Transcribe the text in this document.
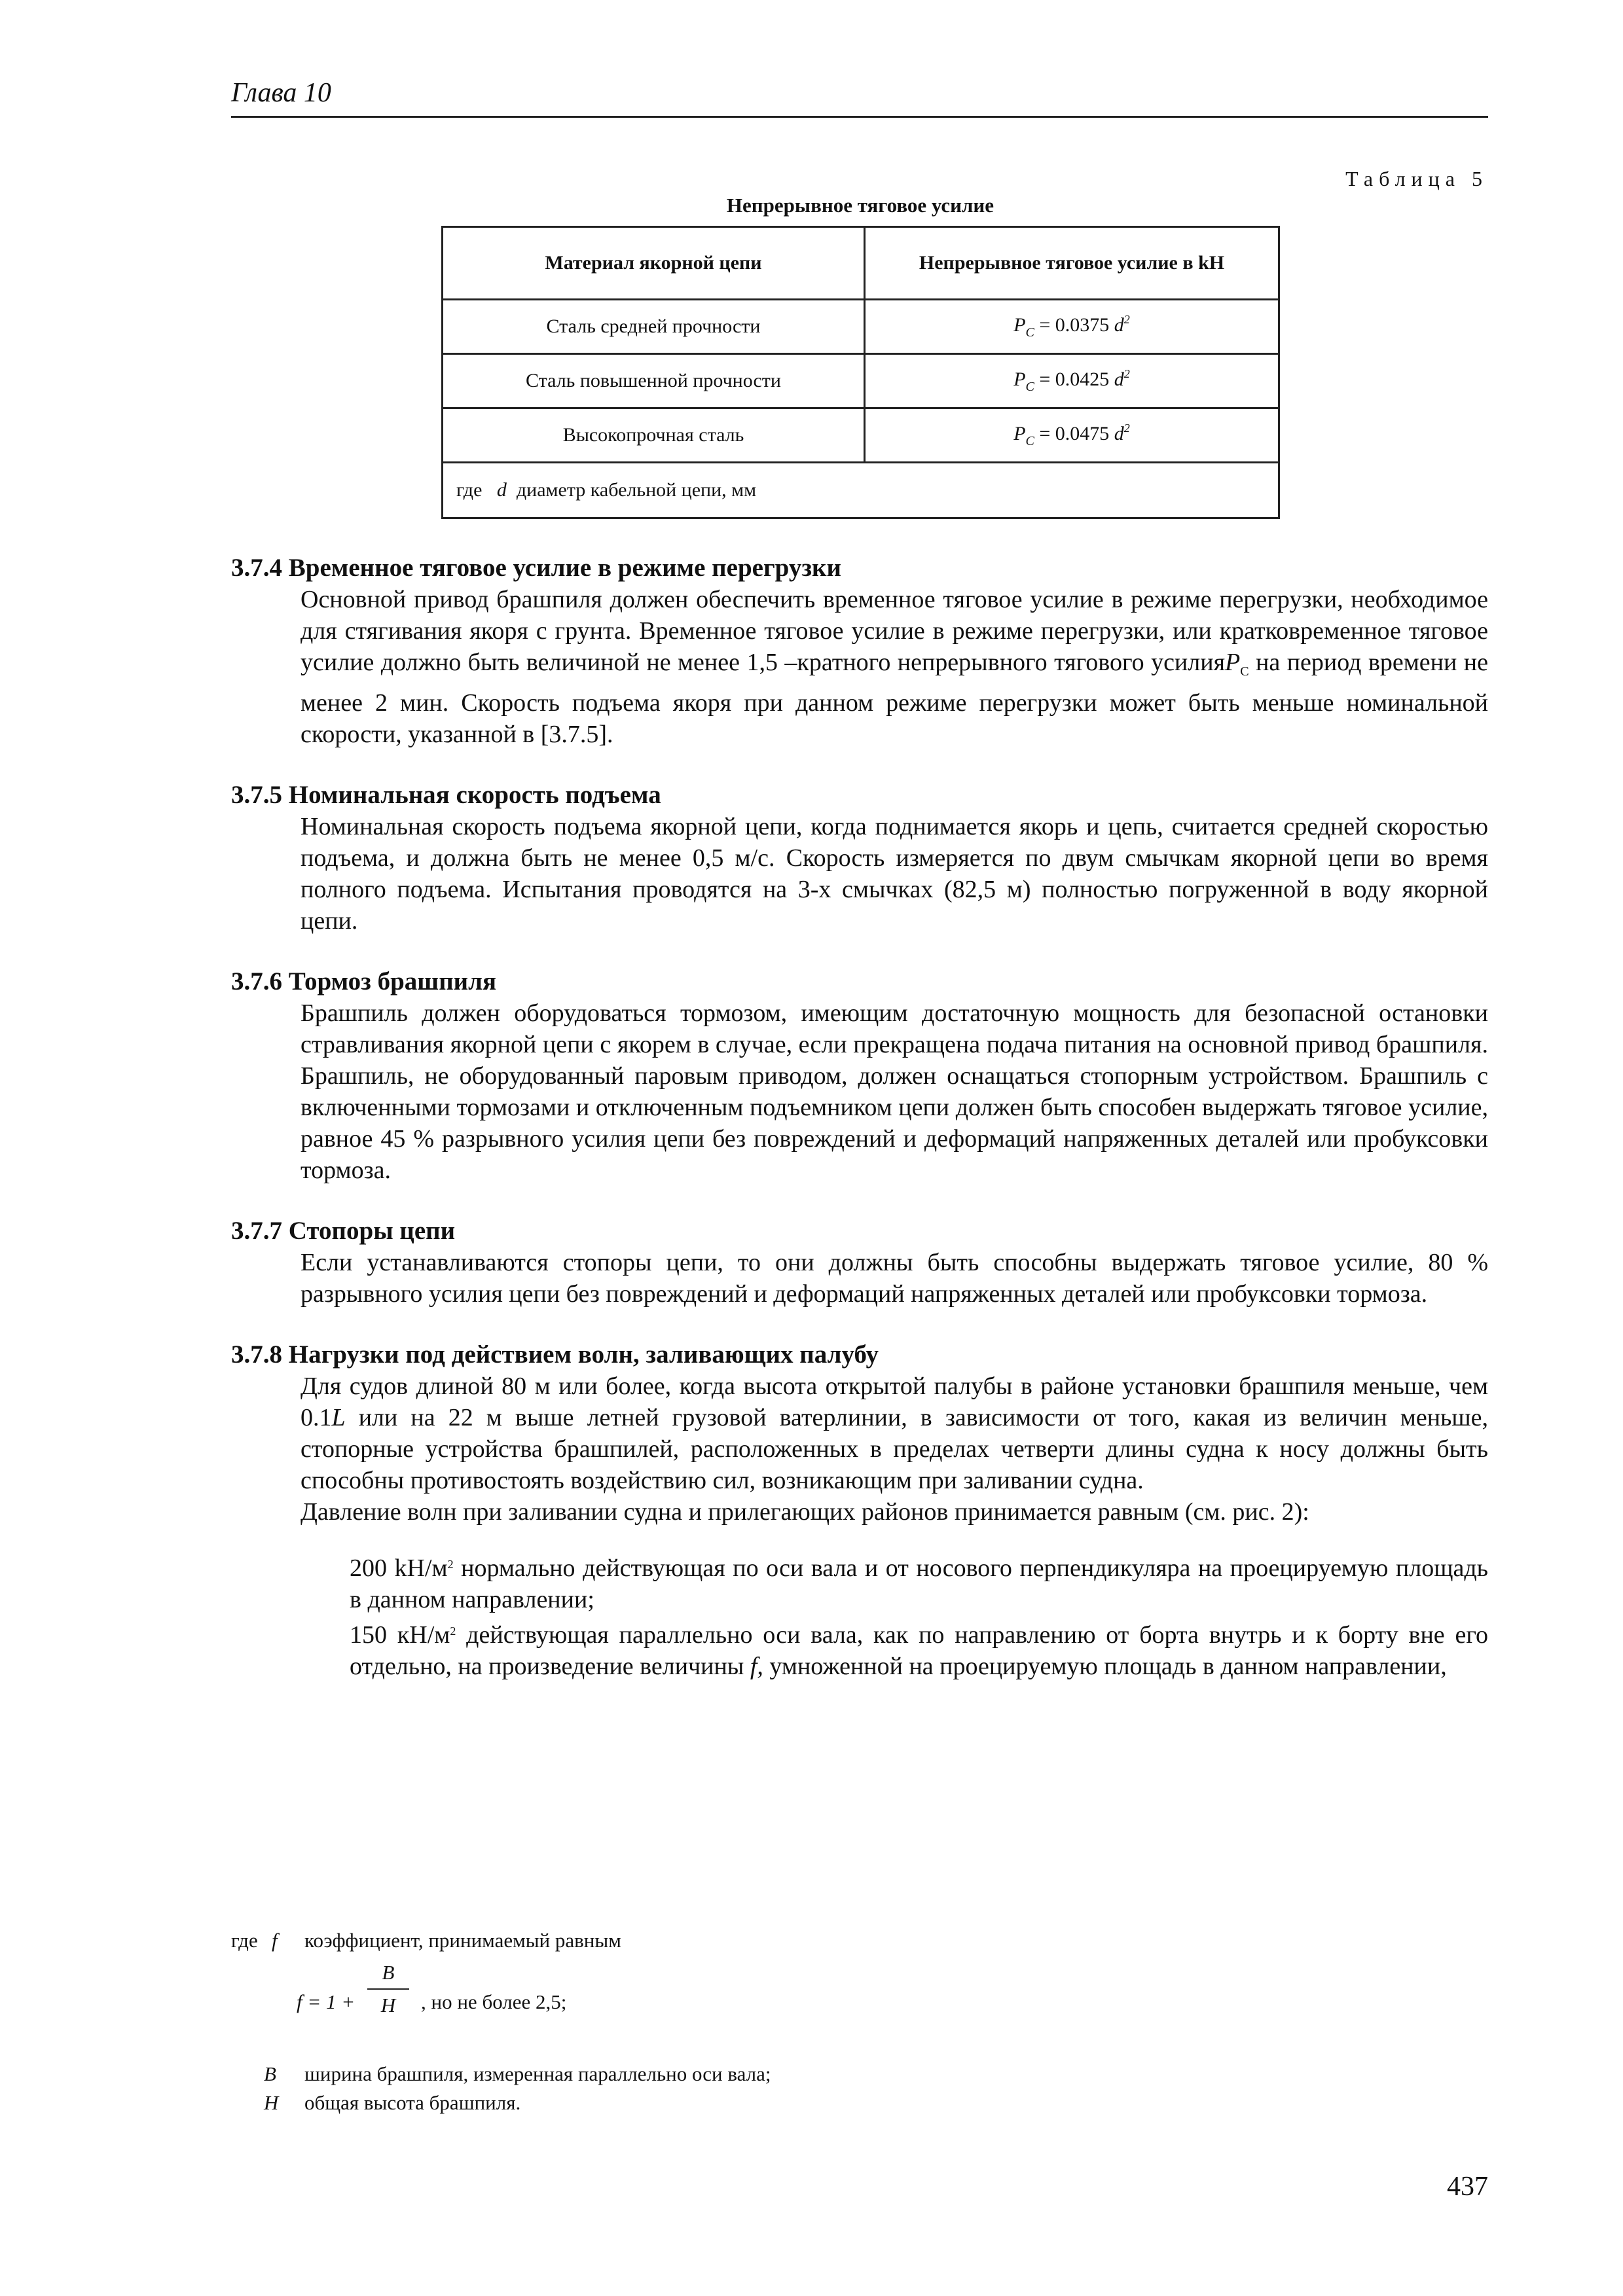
Глава 10
Таблица 5
Непрерывное тяговое усилие
Материал якорной цепи	Непрерывное тяговое усилие в kH
Сталь средней прочности	$P_C = 0.0375$ $d^2$
Сталь повышенной прочности	$P_C = 0.0425$ $d^2$
Высокопрочная сталь	$P_C = 0.0475$ $d^2$
где d диаметр кабельной цепи, мм	
3.7.4 Временное тяговое усилие в режиме перегрузки

Основной привод брашпиля должен обеспечить временное тяговое усилие в режиме перегрузки, необходимое для стягивания якоря с грунта. Временное тяговое усилие в режиме перегрузки, или кратковременное тяговое усилие должно быть величиной не менее 1,5 –кратного непрерывного тягового усилияP$_C$ на период времени не менее 2 мин. Скорость подъема якоря при данном режиме перегрузки может быть меньше номинальной скорости, указанной в [3.7.5].

3.7.5 Номинальная скорость подъема

Номинальная скорость подъема якорной цепи, когда поднимается якорь и цепь, считается средней скоростью подъема, и должна быть не менее 0,5 м/с. Скорость измеряется по двум смычкам якорной цепи во время полного подъема. Испытания проводятся на 3-х смычках (82,5 м) полностью погруженной в воду якорной цепи.

3.7.6 Тормоз брашпиля

Брашпиль должен оборудоваться тормозом, имеющим достаточную мощность для безопасной остановки стравливания якорной цепи с якорем в случае, если прекращена подача питания на основной привод брашпиля. Брашпиль, не оборудованный паровым приводом, должен оснащаться стопорным устройством. Брашпиль с включенными тормозами и отключенным подъемником цепи должен быть способен выдержать тяговое усилие, равное 45 % разрывного усилия цепи без повреждений и деформаций напряженных деталей или пробуксовки тормоза.

3.7.7 Стопоры цепи

Если устанавливаются стопоры цепи, то они должны быть способны выдержать тяговое усилие, 80 % разрывного усилия цепи без повреждений и деформаций напряженных деталей или пробуксовки тормоза.

3.7.8 Нагрузки под действием волн, заливающих палубу

Для судов длиной 80 м или более, когда высота открытой палубы в районе установки брашпиля меньше, чем 0.1L или на 22 м выше летней грузовой ватерлинии, в зависимости от того, какая из величин меньше, стопорные устройства брашпилей, расположенных в пределах четверти длины судна к носу должны быть способны противостоять воздействию сил, возникающим при заливании судна.

Давление волн при заливании судна и прилегающих районов принимается равным (см. рис. 2):

200 $kH/м^2$ нормально действующая по оси вала и от носового перпендикуляра на проецируемую площадь в данном направлении;

150 $кН/м^2$ действующая параллельно оси вала, как по направлению от борта внутрь и к борту вне его отдельно, на произведение величины f, умноженной на проецируемую площадь в данном направлении,

где f коэффициент, принимаемый равным
f = 1 +
B
H	, но не более 2,5;
B ширина брашпиля, измеренная параллельно оси вала;
H общая высота брашпиля.
437
